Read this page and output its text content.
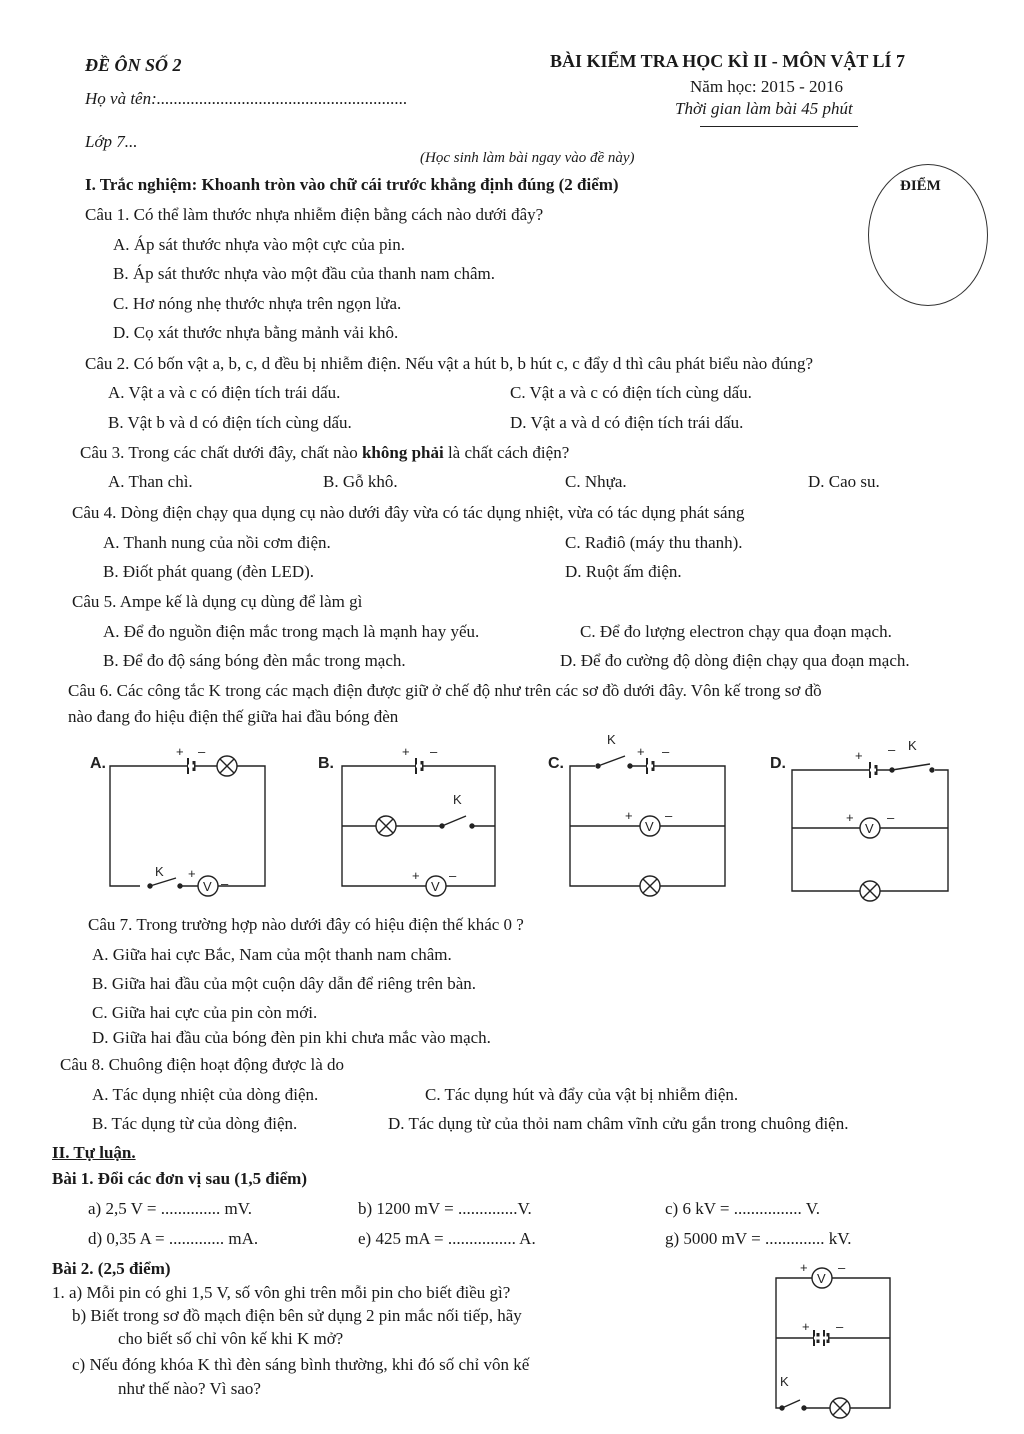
ĐỀ ÔN SỐ 2	BÀI KIỂM TRA HỌC KÌ II - MÔN VẬT LÍ 7
Họ và tên:...........................................................
Năm học: 2015 - 2016
Thời gian làm bài 45 phút
Lớp 7...
(Học sinh làm bài ngay vào đề này)
ĐIỂM
I. Trắc nghiệm: Khoanh tròn vào chữ cái trước khẳng định đúng (2 điểm)
Câu 1. Có thể làm thước nhựa nhiễm điện bằng cách nào dưới đây?
A. Áp sát thước nhựa vào một cực của pin.
B. Áp sát thước nhựa vào một đầu của thanh nam châm.
C. Hơ nóng nhẹ thước nhựa trên ngọn lửa.
D. Cọ xát thước nhựa bằng mảnh vải khô.
Câu 2. Có bốn vật a, b, c, d đều bị nhiễm điện. Nếu vật a hút b, b hút c, c đẩy d thì câu phát biểu nào đúng?
A. Vật a và c có điện tích trái dấu.	C. Vật a và c có điện tích cùng dấu.
B. Vật b và d có điện tích cùng dấu.	D. Vật a và d có điện tích trái dấu.
Câu 3. Trong các chất dưới đây, chất nào không phải là chất cách điện?
A. Than chì.	B. Gỗ khô.	C. Nhựa.	D. Cao su.
Câu 4. Dòng điện chạy qua dụng cụ nào dưới đây vừa có tác dụng nhiệt, vừa có tác dụng phát sáng
A. Thanh nung của nồi cơm điện.	C. Rađiô (máy thu thanh).
B. Điốt phát quang (đèn LED).	D. Ruột ấm điện.
Câu 5. Ampe kế là dụng cụ dùng để làm gì
A. Để đo nguồn điện mắc trong mạch là mạnh hay yếu.	C. Để đo lượng electron chạy qua đoạn mạch.
B. Để đo độ sáng bóng đèn mắc trong mạch.	D. Để đo cường độ dòng điện chạy qua đoạn mạch.
Câu 6. Các công tắc K trong các mạch điện được giữ ở chế độ như trên các sơ đồ dưới đây. Vôn kế trong sơ đồ
nào đang đo hiệu điện thế giữa hai đầu bóng đèn
A.
+ –
K +
V –
B.
+ –
K
+
V
–
C.
K
+ –
+
V
–
D.	+ – K
+
V
–
Câu 7. Trong trường hợp nào dưới đây có hiệu điện thế khác 0 ?
A. Giữa hai cực Bắc, Nam của một thanh nam châm.
B. Giữa hai đầu của một cuộn dây dẫn để riêng trên bàn.
C. Giữa hai cực của pin còn mới.
D. Giữa hai đầu của bóng đèn pin khi chưa mắc vào mạch.
Câu 8. Chuông điện hoạt động được là do
A. Tác dụng nhiệt của dòng điện.	C. Tác dụng hút và đẩy của vật bị nhiễm điện.
B. Tác dụng từ của dòng điện.	D. Tác dụng từ của thỏi nam châm vĩnh cửu gắn trong chuông điện.
II. Tự luận.
Bài 1. Đổi các đơn vị sau (1,5 điểm)
a) 2,5 V = .............. mV.	b) 1200 mV = ..............V.	c) 6 kV = ................ V.
d) 0,35 A = ............. mA.	e) 425 mA = ................ A.	g) 5000 mV = .............. kV.
Bài 2. (2,5 điểm)
1. a) Mỗi pin có ghi 1,5 V, số vôn ghi trên mỗi pin cho biết điều gì?
b) Biết trong sơ đồ mạch điện bên sử dụng 2 pin mắc nối tiếp, hãy
cho biết số chỉ vôn kế khi K mở?
c) Nếu đóng khóa K thì đèn sáng bình thường, khi đó số chỉ vôn kế
như thế nào? Vì sao?
+
V
–
+ –
K
